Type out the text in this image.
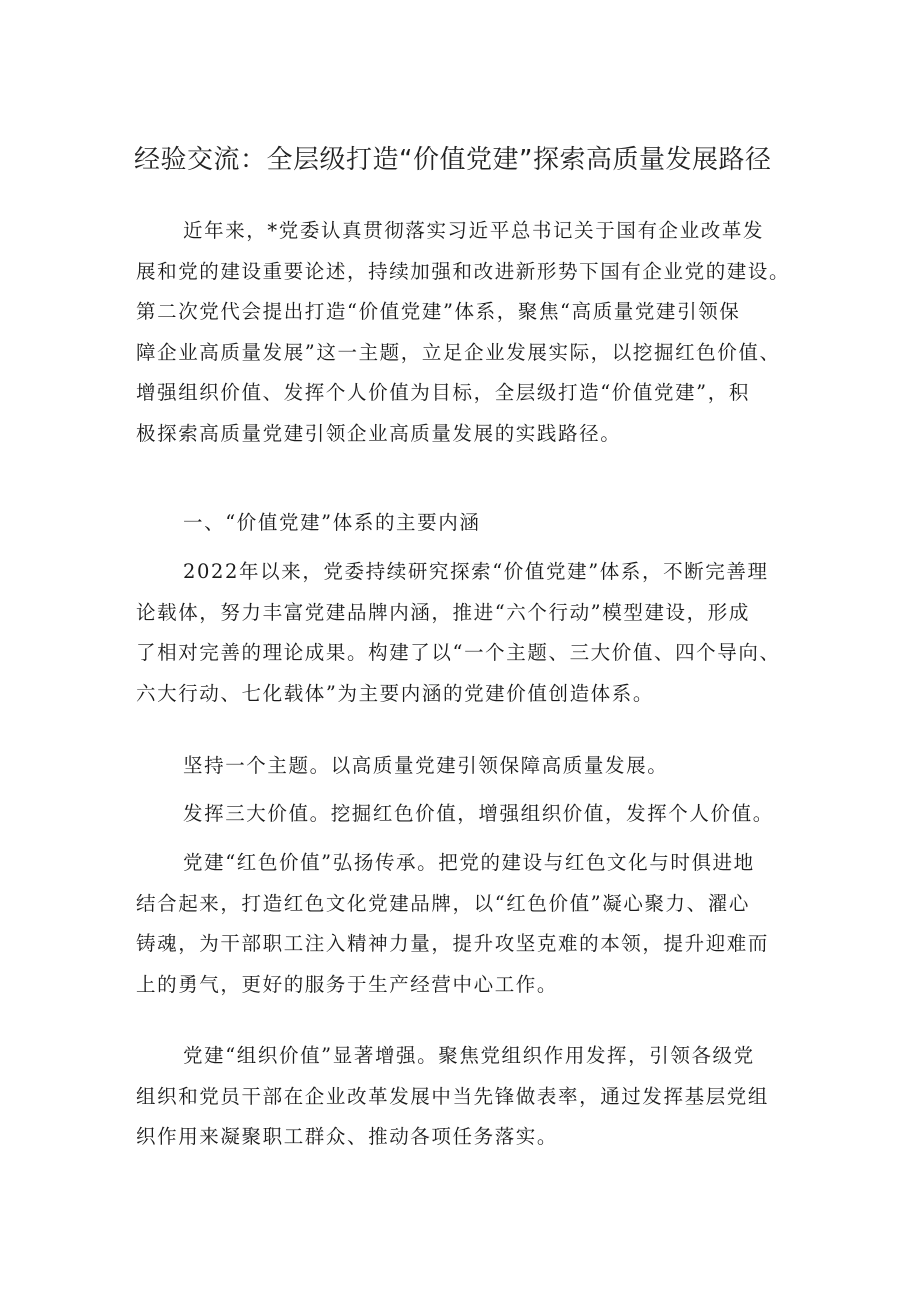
经验交流：全层级打造“价值党建”探索高质量发展路径
近年来，*党委认真贯彻落实习近平总书记关于国有企业改革发
展和党的建设重要论述，持续加强和改进新形势下国有企业党的建设。
第二次党代会提出打造“价值党建”体系，聚焦“高质量党建引领保
障企业高质量发展”这一主题，立足企业发展实际，以挖掘红色价值、
增强组织价值、发挥个人价值为目标，全层级打造“价值党建”，积
极探索高质量党建引领企业高质量发展的实践路径。
一、“价值党建”体系的主要内涵
2022年以来，党委持续研究探索“价值党建”体系，不断完善理
论载体，努力丰富党建品牌内涵，推进“六个行动”模型建设，形成
了相对完善的理论成果。构建了以“一个主题、三大价值、四个导向、
六大行动、七化载体”为主要内涵的党建价值创造体系。
坚持一个主题。以高质量党建引领保障高质量发展。
发挥三大价值。挖掘红色价值，增强组织价值，发挥个人价值。
党建“红色价值”弘扬传承。把党的建设与红色文化与时俱进地
结合起来，打造红色文化党建品牌，以“红色价值”凝心聚力、濯心
铸魂，为干部职工注入精神力量，提升攻坚克难的本领，提升迎难而
上的勇气，更好的服务于生产经营中心工作。
党建“组织价值”显著增强。聚焦党组织作用发挥，引领各级党
组织和党员干部在企业改革发展中当先锋做表率，通过发挥基层党组
织作用来凝聚职工群众、推动各项任务落实。
